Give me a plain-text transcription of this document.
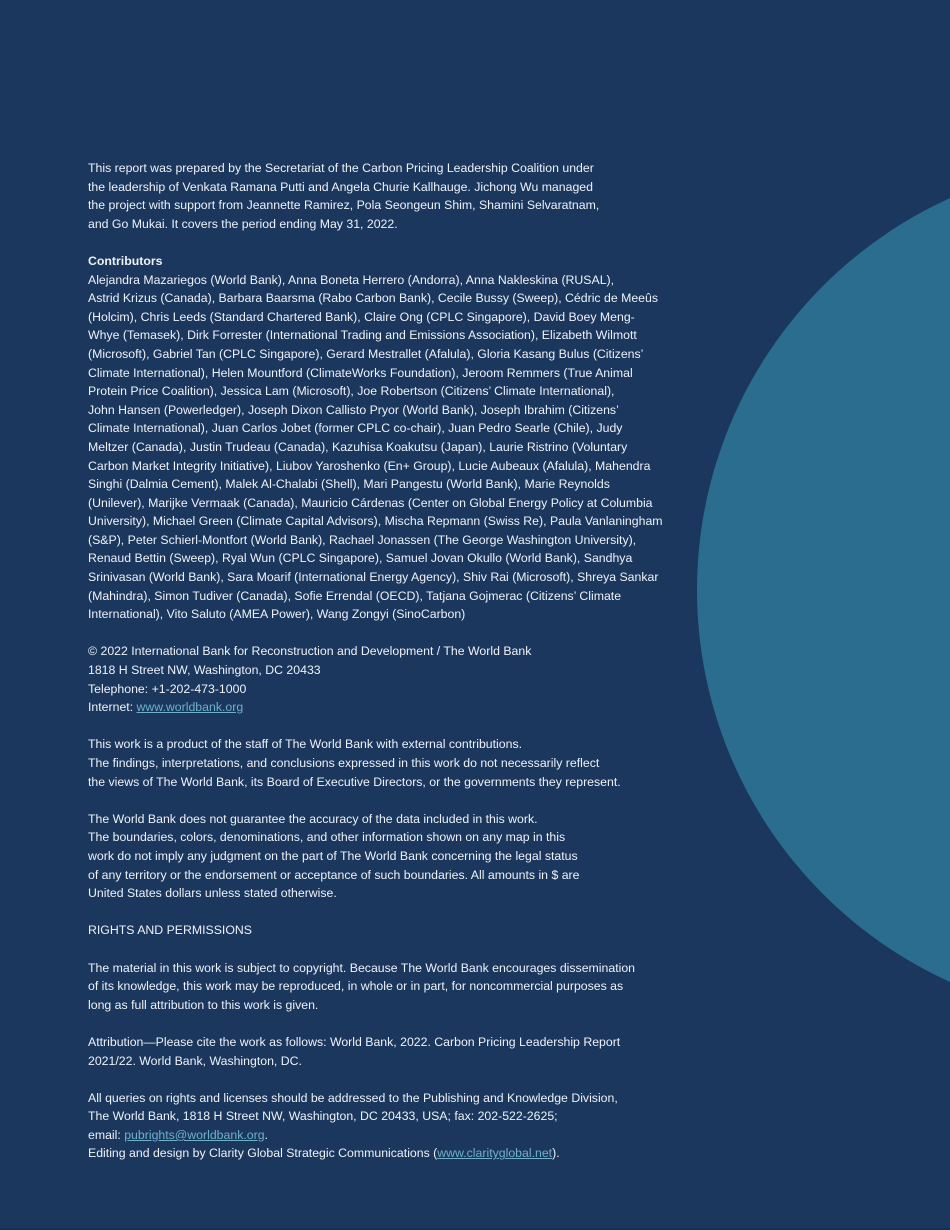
This report was prepared by the Secretariat of the Carbon Pricing Leadership Coalition under
the leadership of Venkata Ramana Putti and Angela Churie Kallhauge. Jichong Wu managed
the project with support from Jeannette Ramirez, Pola Seongeun Shim, Shamini Selvaratnam,
and Go Mukai. It covers the period ending May 31, 2022.

Contributors
Alejandra Mazariegos (World Bank), Anna Boneta Herrero (Andorra), Anna Nakleskina (RUSAL),
Astrid Krizus (Canada), Barbara Baarsma (Rabo Carbon Bank), Cecile Bussy (Sweep), Cédric de Meeûs
(Holcim), Chris Leeds (Standard Chartered Bank), Claire Ong (CPLC Singapore), David Boey Meng-
Whye (Temasek), Dirk Forrester (International Trading and Emissions Association), Elizabeth Wilmott
(Microsoft), Gabriel Tan (CPLC Singapore), Gerard Mestrallet (Afalula), Gloria Kasang Bulus (Citizens’
Climate International), Helen Mountford (ClimateWorks Foundation), Jeroom Remmers (True Animal
Protein Price Coalition), Jessica Lam (Microsoft), Joe Robertson (Citizens’ Climate International),
John Hansen (Powerledger), Joseph Dixon Callisto Pryor (World Bank), Joseph Ibrahim (Citizens’
Climate International), Juan Carlos Jobet (former CPLC co-chair), Juan Pedro Searle (Chile), Judy
Meltzer (Canada), Justin Trudeau (Canada), Kazuhisa Koakutsu (Japan), Laurie Ristrino (Voluntary
Carbon Market Integrity Initiative), Liubov Yaroshenko (En+ Group), Lucie Aubeaux (Afalula), Mahendra
Singhi (Dalmia Cement), Malek Al-Chalabi (Shell), Mari Pangestu (World Bank), Marie Reynolds
(Unilever), Marijke Vermaak (Canada), Mauricio Cárdenas (Center on Global Energy Policy at Columbia
University), Michael Green (Climate Capital Advisors), Mischa Repmann (Swiss Re), Paula Vanlaningham
(S&P), Peter Schierl-Montfort (World Bank), Rachael Jonassen (The George Washington University),
Renaud Bettin (Sweep), Ryal Wun (CPLC Singapore), Samuel Jovan Okullo (World Bank), Sandhya
Srinivasan (World Bank), Sara Moarif (International Energy Agency), Shiv Rai (Microsoft), Shreya Sankar
(Mahindra), Simon Tudiver (Canada), Sofie Errendal (OECD), Tatjana Gojmerac (Citizens’ Climate
International), Vito Saluto (AMEA Power), Wang Zongyi (SinoCarbon)

© 2022 International Bank for Reconstruction and Development / The World Bank
1818 H Street NW, Washington, DC 20433
Telephone: +1-202-473-1000
Internet: www.worldbank.org

This work is a product of the staff of The World Bank with external contributions.
The findings, interpretations, and conclusions expressed in this work do not necessarily reflect
the views of The World Bank, its Board of Executive Directors, or the governments they represent.

The World Bank does not guarantee the accuracy of the data included in this work.
The boundaries, colors, denominations, and other information shown on any map in this
work do not imply any judgment on the part of The World Bank concerning the legal status
of any territory or the endorsement or acceptance of such boundaries. All amounts in $ are
United States dollars unless stated otherwise.

RIGHTS AND PERMISSIONS

The material in this work is subject to copyright. Because The World Bank encourages dissemination
of its knowledge, this work may be reproduced, in whole or in part, for noncommercial purposes as
long as full attribution to this work is given.

Attribution—Please cite the work as follows: World Bank, 2022. Carbon Pricing Leadership Report
2021/22. World Bank, Washington, DC.

All queries on rights and licenses should be addressed to the Publishing and Knowledge Division,
The World Bank, 1818 H Street NW, Washington, DC 20433, USA; fax: 202-522-2625;
email: pubrights@worldbank.org.
Editing and design by Clarity Global Strategic Communications (www.clarityglobal.net).
